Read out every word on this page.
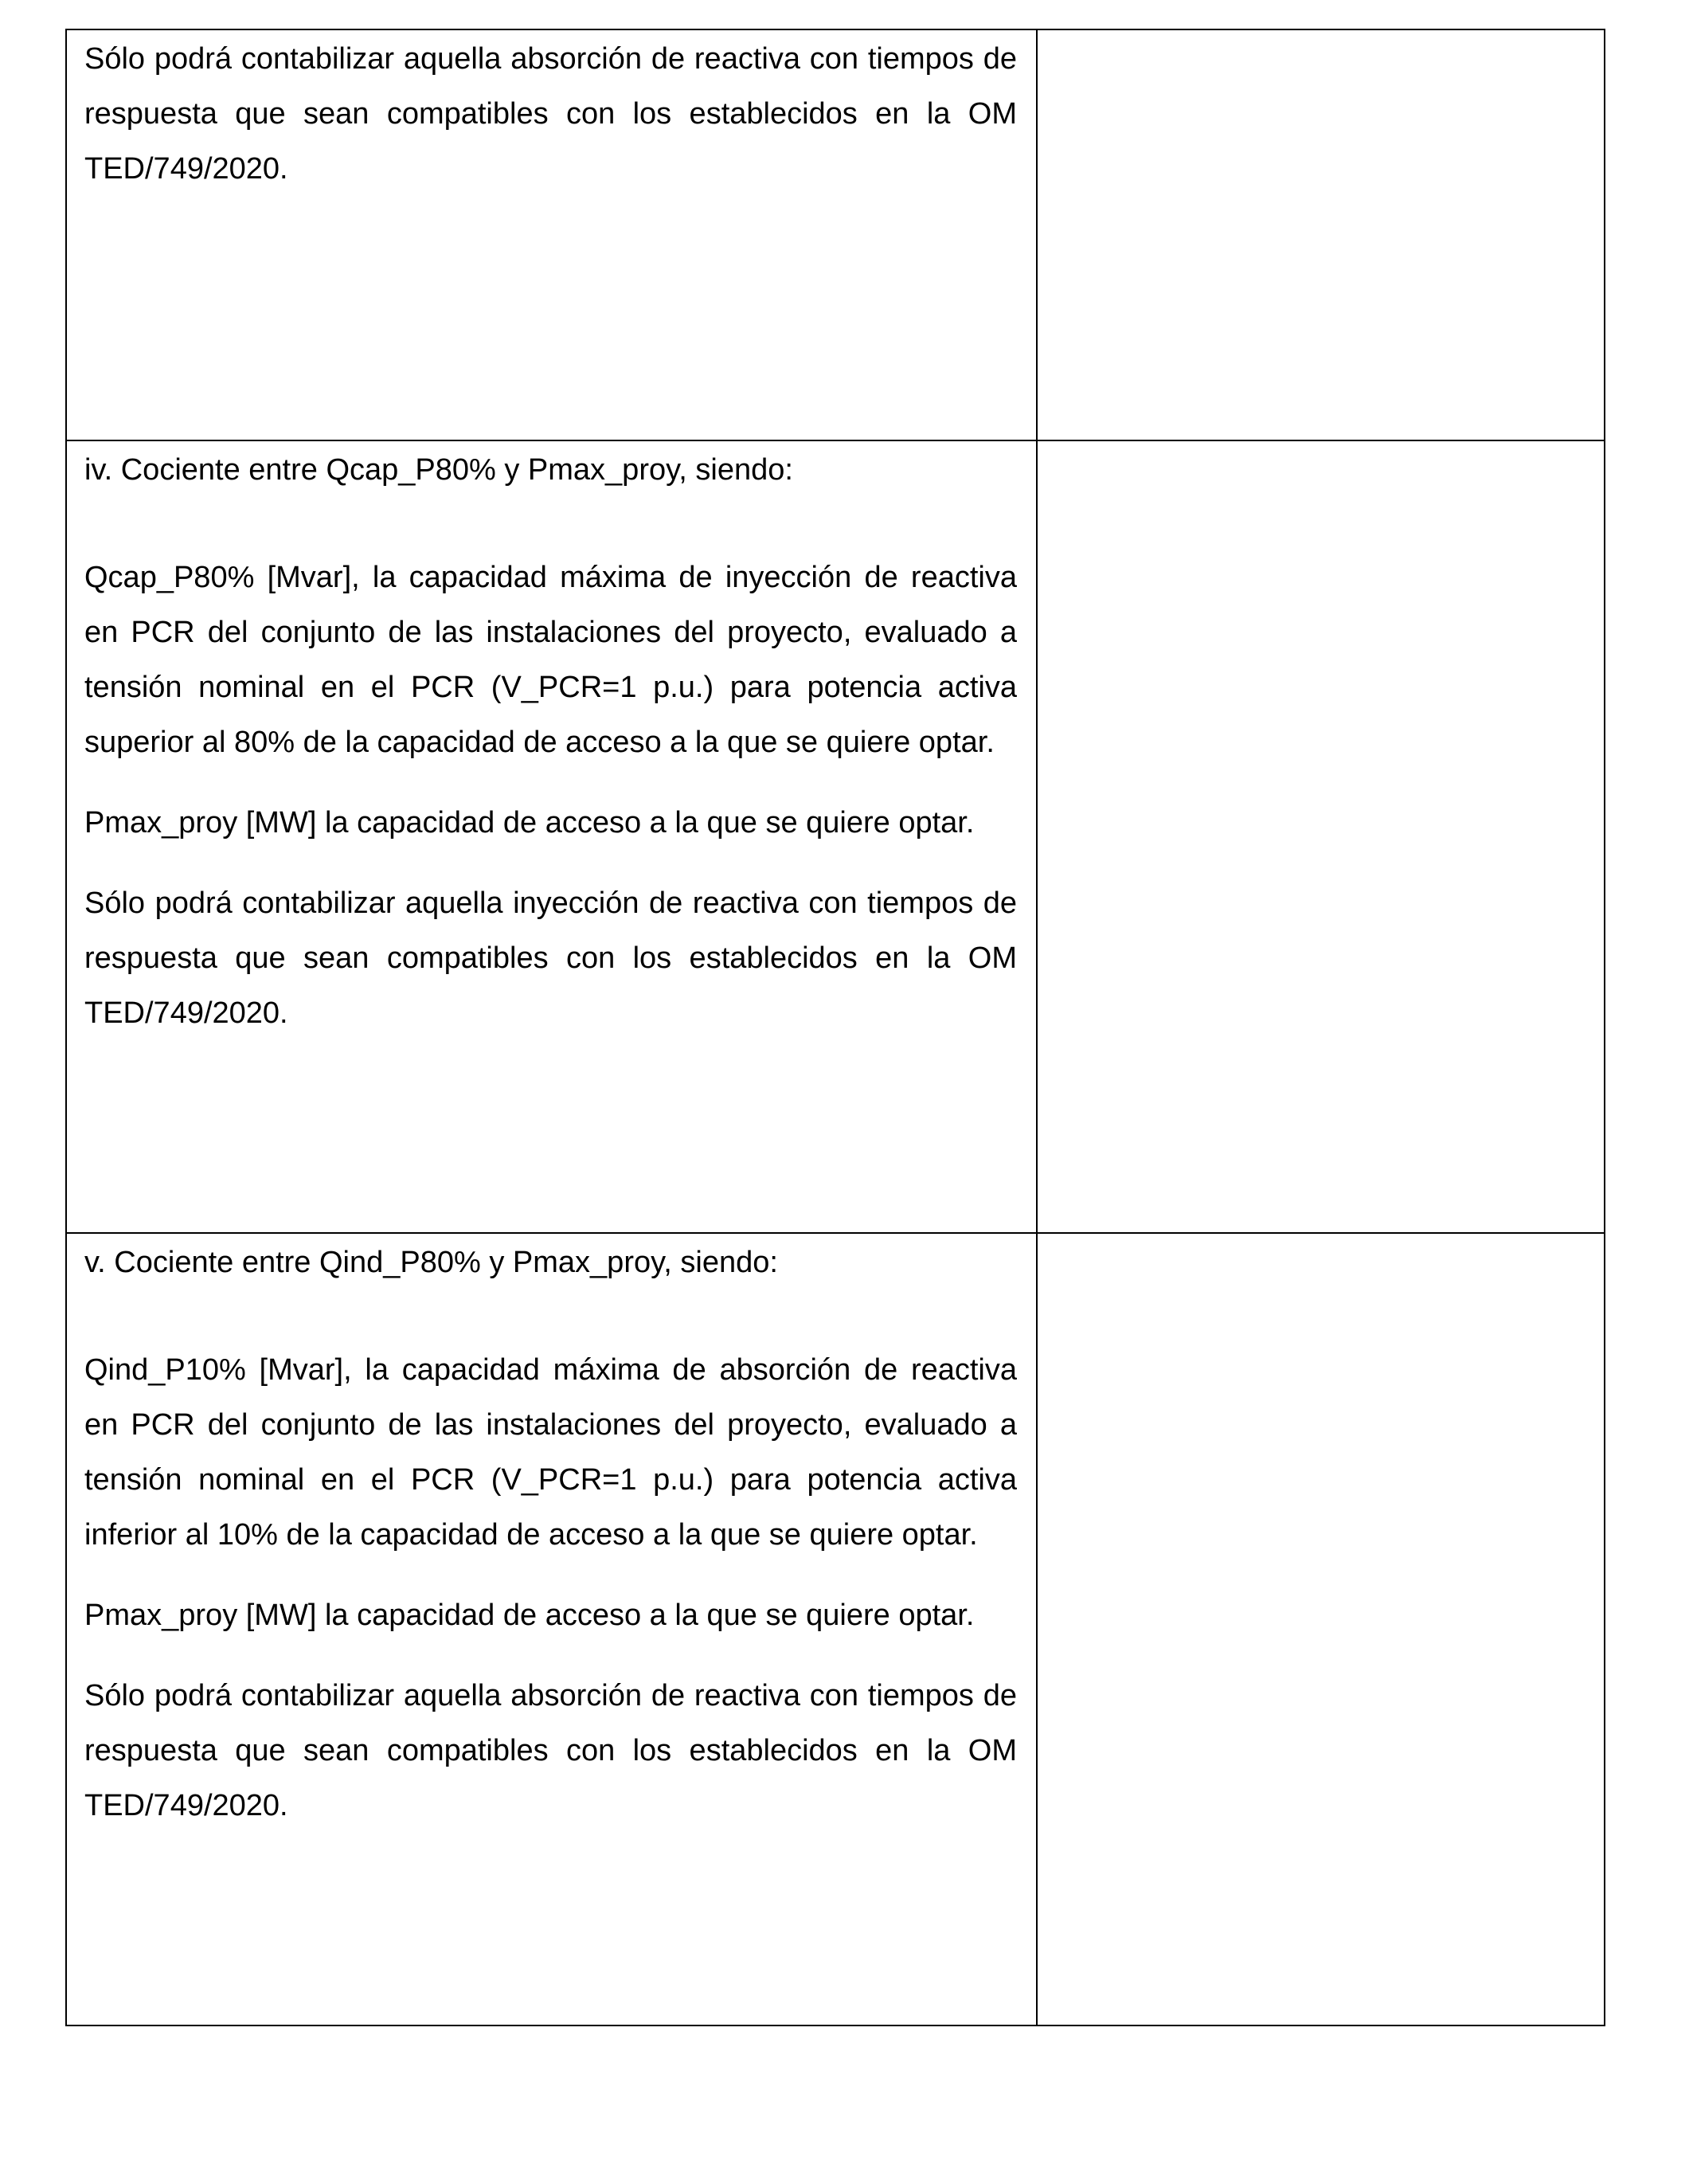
Sólo podrá contabilizar aquella absorción de reactiva con tiempos de respuesta que sean compatibles con los establecidos en la OM TED/749/2020.	

iv. Cociente entre Qcap_P80% y Pmax_proy, siendo:

Qcap_P80% [Mvar], la capacidad máxima de inyección de reactiva en PCR del conjunto de las instalaciones del proyecto, evaluado a tensión nominal en el PCR (V_PCR=1 p.u.) para potencia activa superior al 80% de la capacidad de acceso a la que se quiere optar.

Pmax_proy [MW] la capacidad de acceso a la que se quiere optar.

Sólo podrá contabilizar aquella inyección de reactiva con tiempos de respuesta que sean compatibles con los establecidos en la OM TED/749/2020.	

v. Cociente entre Qind_P80% y Pmax_proy, siendo:

Qind_P10% [Mvar], la capacidad máxima de absorción de reactiva en PCR del conjunto de las instalaciones del proyecto, evaluado a tensión nominal en el PCR (V_PCR=1 p.u.) para potencia activa inferior al 10% de la capacidad de acceso a la que se quiere optar.

Pmax_proy [MW] la capacidad de acceso a la que se quiere optar.

Sólo podrá contabilizar aquella absorción de reactiva con tiempos de respuesta que sean compatibles con los establecidos en la OM TED/749/2020.	
